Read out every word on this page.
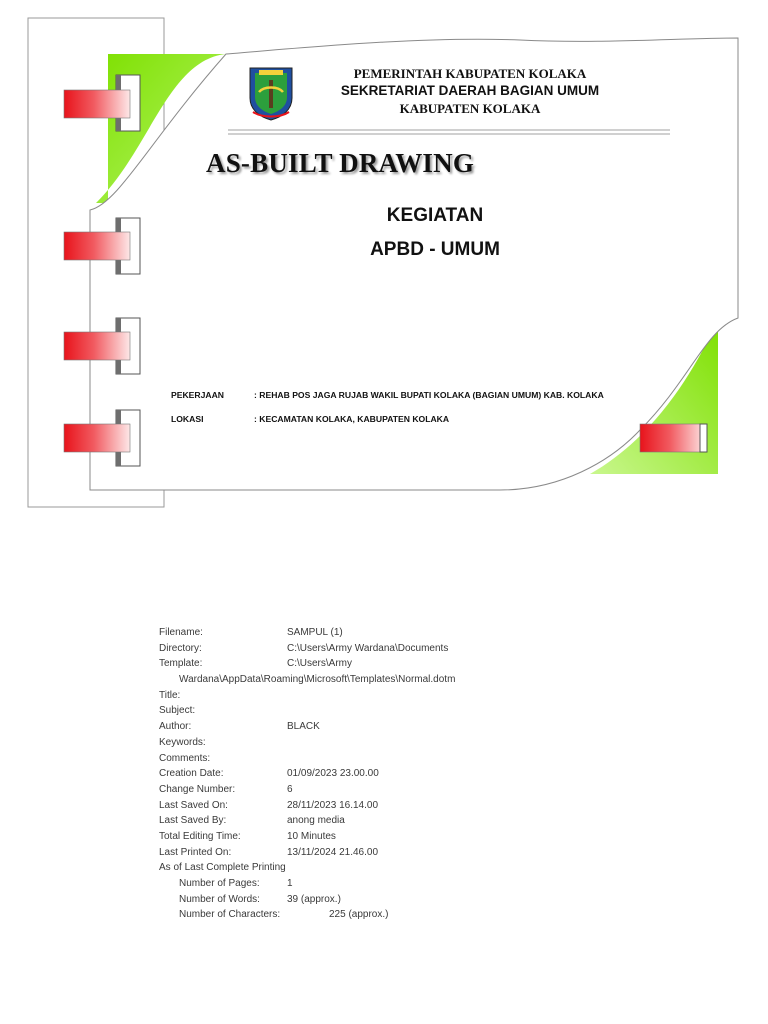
PEMERINTAH KABUPATEN KOLAKA
SEKRETARIAT DAERAH BAGIAN UMUM
KABUPATEN KOLAKA
AS-BUILT DRAWING
KEGIATAN
APBD - UMUM
PEKERJAAN	: REHAB POS JAGA RUJAB WAKIL BUPATI KOLAKA (BAGIAN UMUM) KAB. KOLAKA
LOKASI	: KECAMATAN KOLAKA, KABUPATEN KOLAKA
Filename:	SAMPUL (1)
Directory:	C:\Users\Army Wardana\Documents
Template:	C:\Users\Army
Wardana\AppData\Roaming\Microsoft\Templates\Normal.dotm
Title:
Subject:
Author:	BLACK
Keywords:
Comments:
Creation Date:	01/09/2023 23.00.00
Change Number:	6
Last Saved On:	28/11/2023 16.14.00
Last Saved By:	anong media
Total Editing Time:	10 Minutes
Last Printed On:	13/11/2024 21.46.00
As of Last Complete Printing
Number of Pages:	1
Number of Words:	39 (approx.)
Number of Characters:	225 (approx.)
